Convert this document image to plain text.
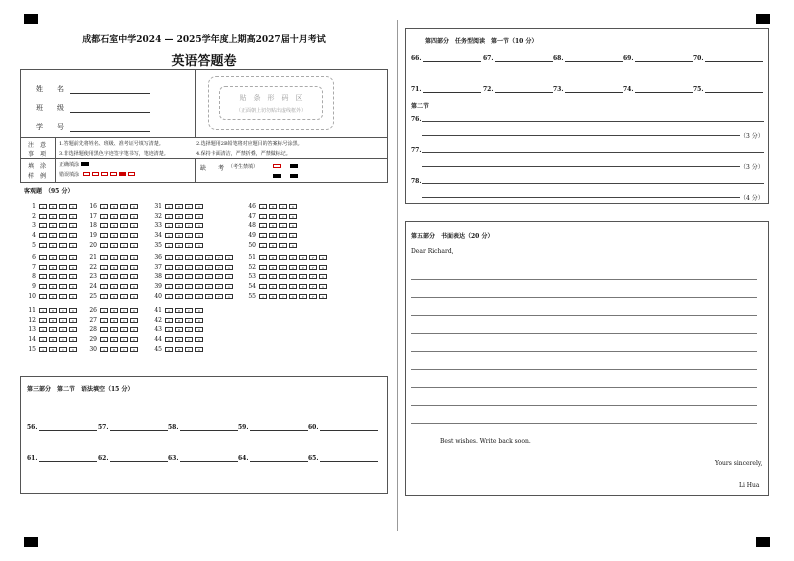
成都石室中学2024 — 2025学年度上期高2027届十月考试
英语答题卷
姓　　名
班　　级
学　　号
贴　条　形　码　区
（正面朝上切勿贴出虚线框外）
注　意
事　项
1.答题前先将姓名、班级、准考证号填写清楚。	2.选择题用2B铅笔将对应题目的答案标号涂黑。
3.非选择题使用黑色字迹签字笔书写，笔迹清楚。	4.保持卡面清洁，严禁折叠，严禁做标记。
填　涂
样　例
正确填涂
错误填涂
缺　　考 （考生禁填）
客观题　（95 分）
1	A	B	C	D	16	A	B	C	D	31	A	B	C	D	46	A	B	C	D
2	A	B	C	D	17	A	B	C	D	32	A	B	C	D	47	A	B	C	D
3	A	B	C	D	18	A	B	C	D	33	A	B	C	D	48	A	B	C	D
4	A	B	C	D	19	A	B	C	D	34	A	B	C	D	49	A	B	C	D
5	A	B	C	D	20	A	B	C	D	35	A	B	C	D	50	A	B	C	D
6	A	B	C	D	21	A	B	C	D	36	A	B	C	D	E	F	G	51	A	B	C	D	E	F	G
7	A	B	C	D	22	A	B	C	D	37	A	B	C	D	E	F	G	52	A	B	C	D	E	F	G
8	A	B	C	D	23	A	B	C	D	38	A	B	C	D	E	F	G	53	A	B	C	D	E	F	G
9	A	B	C	D	24	A	B	C	D	39	A	B	C	D	E	F	G	54	A	B	C	D	E	F	G
10	A	B	C	D	25	A	B	C	D	40	A	B	C	D	E	F	G	55	A	B	C	D	E	F	G
11	A	B	C	D	26	A	B	C	D	41	A	B	C	D
12	A	B	C	D	27	A	B	C	D	42	A	B	C	D
13	A	B	C	D	28	A	B	C	D	43	A	B	C	D
14	A	B	C	D	29	A	B	C	D	44	A	B	C	D
15	A	B	C	D	30	A	B	C	D	45	A	B	C	D
第三部分　第二节　语法填空（15 分）
56.	57.	58.	59.	60.
61.	62.	63.	64.	65.
第四部分　任务型阅读　第一节（10 分）
66.	67.	68.	69.	70.
71.	72.	73.	74.	75.
第二节
76.
（3 分）
77.
（3 分）
78.
（4 分）
第五部分　书面表达（20 分）
Dear Richard,
Best wishes. Write back soon.
Yours sincerely,
Li Hua
